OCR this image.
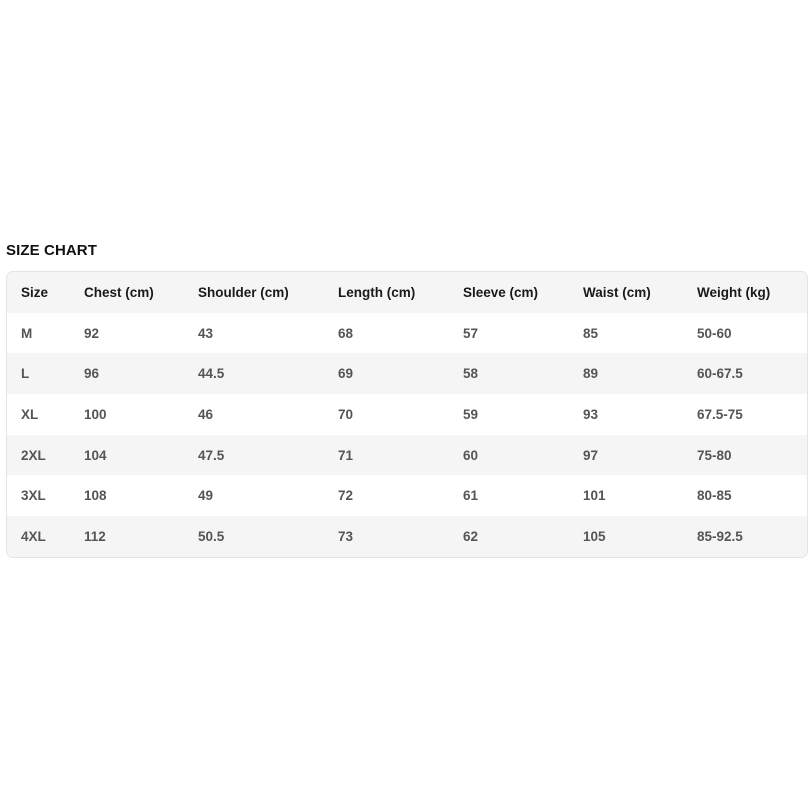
SIZE CHART
Size	Chest (cm)	Shoulder (cm)	Length (cm)	Sleeve (cm)	Waist (cm)	Weight (kg)
M	92	43	68	57	85	50-60
L	96	44.5	69	58	89	60-67.5
XL	100	46	70	59	93	67.5-75
2XL	104	47.5	71	60	97	75-80
3XL	108	49	72	61	101	80-85
4XL	112	50.5	73	62	105	85-92.5
